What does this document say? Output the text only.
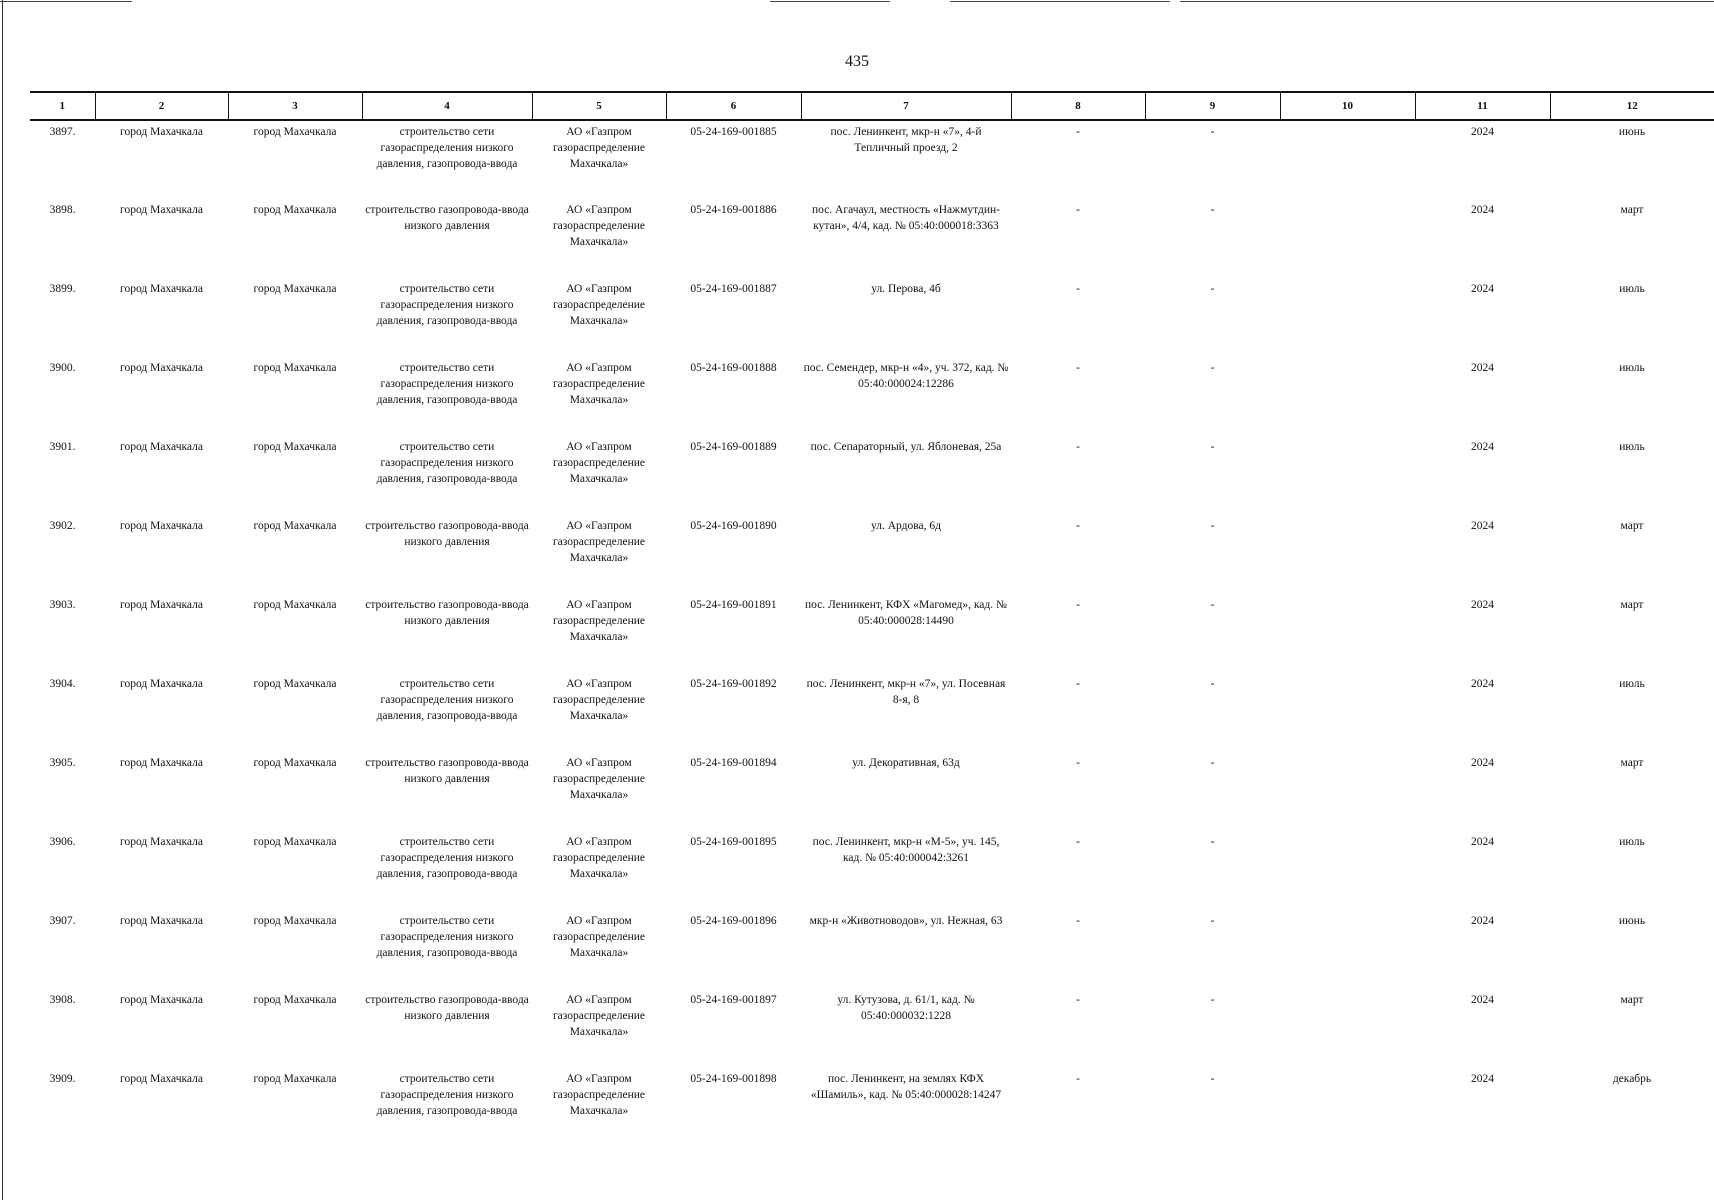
435
1	2	3	4	5	6	7	8	9	10	11	12
3897.	город Махачкала	город Махачкала	строительство сети газораспределения низкого давления, газопровода-ввода	АО «Газпром газораспределение Махачкала»	05-24-169-001885	пос. Ленинкент, мкр-н «7», 4-й Тепличный проезд, 2	-	-		2024	июнь
3898.	город Махачкала	город Махачкала	строительство газопровода-ввода низкого давления	АО «Газпром газораспределение Махачкала»	05-24-169-001886	пос. Агачаул, местность «Нажмутдин-кутан», 4/4, кад. № 05:40:000018:3363	-	-		2024	март
3899.	город Махачкала	город Махачкала	строительство сети газораспределения низкого давления, газопровода-ввода	АО «Газпром газораспределение Махачкала»	05-24-169-001887	ул. Перова, 4б	-	-		2024	июль
3900.	город Махачкала	город Махачкала	строительство сети газораспределения низкого давления, газопровода-ввода	АО «Газпром газораспределение Махачкала»	05-24-169-001888	пос. Семендер, мкр-н «4», уч. 372, кад. № 05:40:000024:12286	-	-		2024	июль
3901.	город Махачкала	город Махачкала	строительство сети газораспределения низкого давления, газопровода-ввода	АО «Газпром газораспределение Махачкала»	05-24-169-001889	пос. Сепараторный, ул. Яблоневая, 25а	-	-		2024	июль
3902.	город Махачкала	город Махачкала	строительство газопровода-ввода низкого давления	АО «Газпром газораспределение Махачкала»	05-24-169-001890	ул. Ардова, 6д	-	-		2024	март
3903.	город Махачкала	город Махачкала	строительство газопровода-ввода низкого давления	АО «Газпром газораспределение Махачкала»	05-24-169-001891	пос. Ленинкент, КФХ «Магомед», кад. № 05:40:000028:14490	-	-		2024	март
3904.	город Махачкала	город Махачкала	строительство сети газораспределения низкого давления, газопровода-ввода	АО «Газпром газораспределение Махачкала»	05-24-169-001892	пос. Ленинкент, мкр-н «7», ул. Посевная 8-я, 8	-	-		2024	июль
3905.	город Махачкала	город Махачкала	строительство газопровода-ввода низкого давления	АО «Газпром газораспределение Махачкала»	05-24-169-001894	ул. Декоративная, 63д	-	-		2024	март
3906.	город Махачкала	город Махачкала	строительство сети газораспределения низкого давления, газопровода-ввода	АО «Газпром газораспределение Махачкала»	05-24-169-001895	пос. Ленинкент, мкр-н «М-5», уч. 145, кад. № 05:40:000042:3261	-	-		2024	июль
3907.	город Махачкала	город Махачкала	строительство сети газораспределения низкого давления, газопровода-ввода	АО «Газпром газораспределение Махачкала»	05-24-169-001896	мкр-н «Животноводов», ул. Нежная, 63	-	-		2024	июнь
3908.	город Махачкала	город Махачкала	строительство газопровода-ввода низкого давления	АО «Газпром газораспределение Махачкала»	05-24-169-001897	ул. Кутузова, д. 61/1, кад. № 05:40:000032:1228	-	-		2024	март
3909.	город Махачкала	город Махачкала	строительство сети газораспределения низкого давления, газопровода-ввода	АО «Газпром газораспределение Махачкала»	05-24-169-001898	пос. Ленинкент, на землях КФХ «Шамиль», кад. № 05:40:000028:14247	-	-		2024	декабрь
